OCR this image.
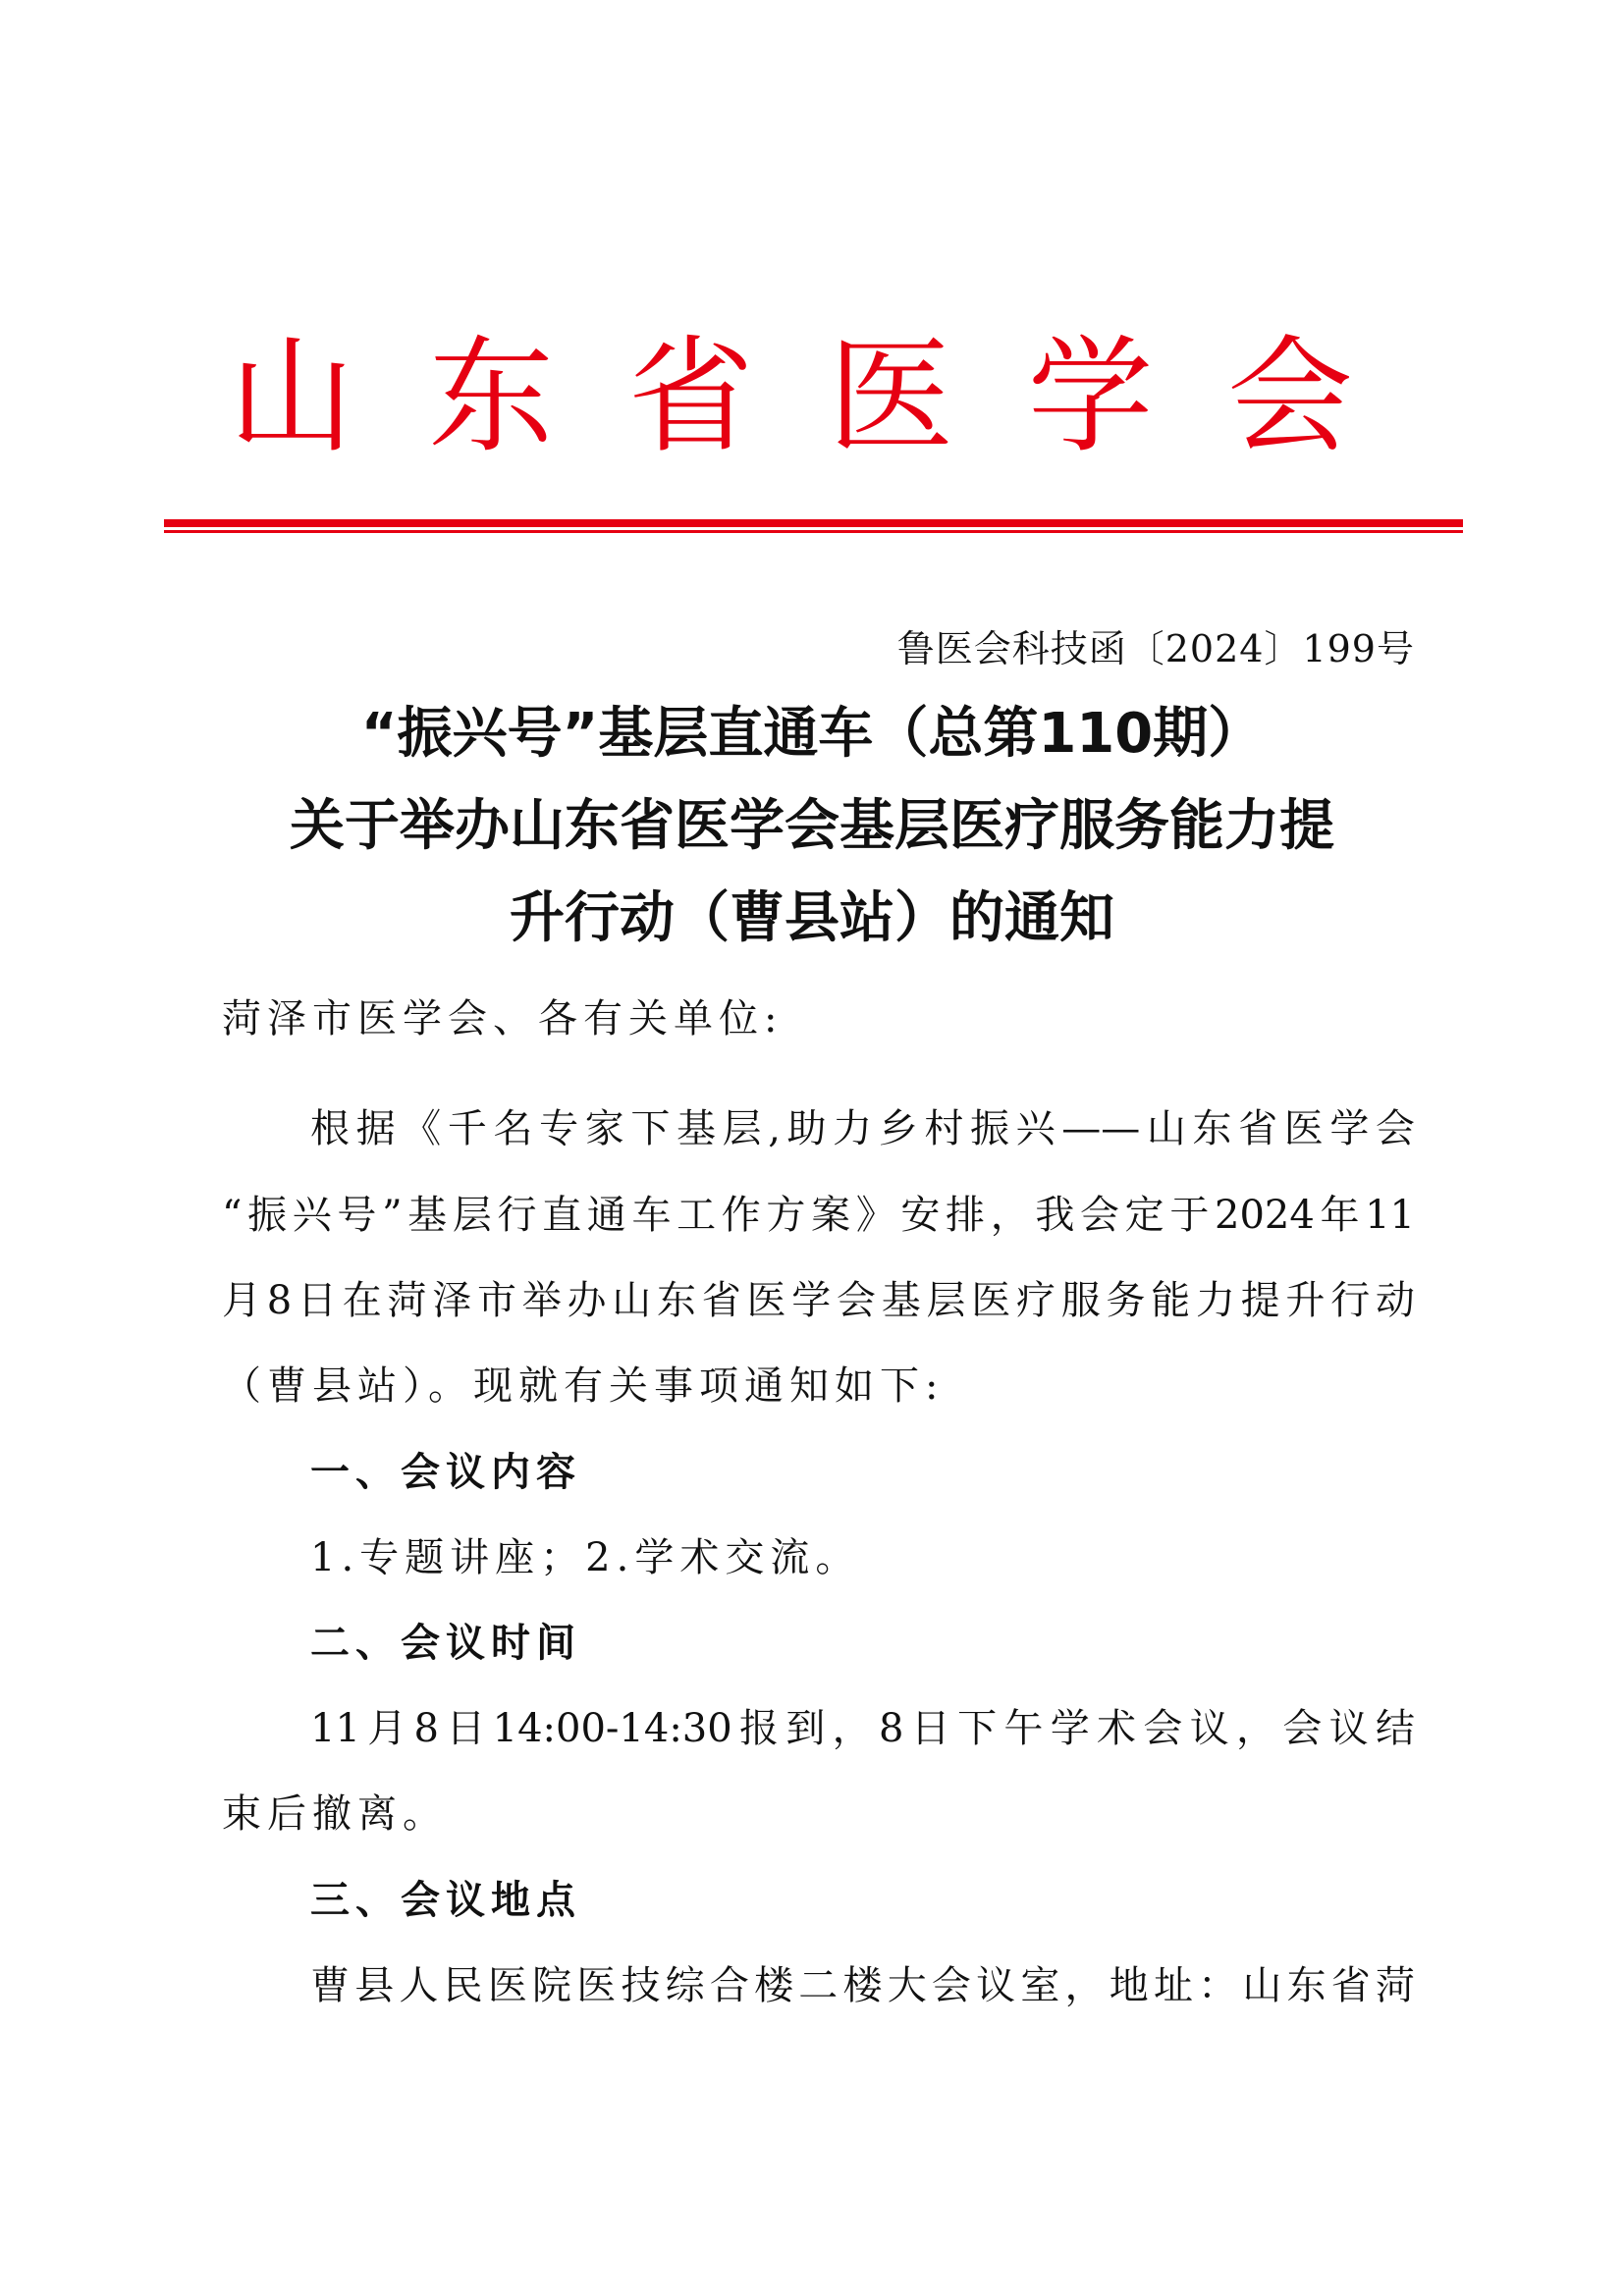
山 东 省 医 学 会
鲁医会科技函〔2024〕199号
“振兴号”基层直通车（总第110期）
关于举办山东省医学会基层医疗服务能力提
升行动（曹县站）的通知
菏泽市医学会、各有关单位:
根据《千名专家下基层,助力乡村振兴——山东省医学会
“振兴号”基层行直通车工作方案》安排，我会定于2024年11
月8日在菏泽市举办山东省医学会基层医疗服务能力提升行动
（曹县站）。现就有关事项通知如下:
一、会议内容
1.专题讲座；2.学术交流。
二、会议时间
11月8日14:00-14:30报到，8日下午学术会议，会议结
束后撤离。
三、会议地点
曹县人民医院医技综合楼二楼大会议室，地址：山东省菏
